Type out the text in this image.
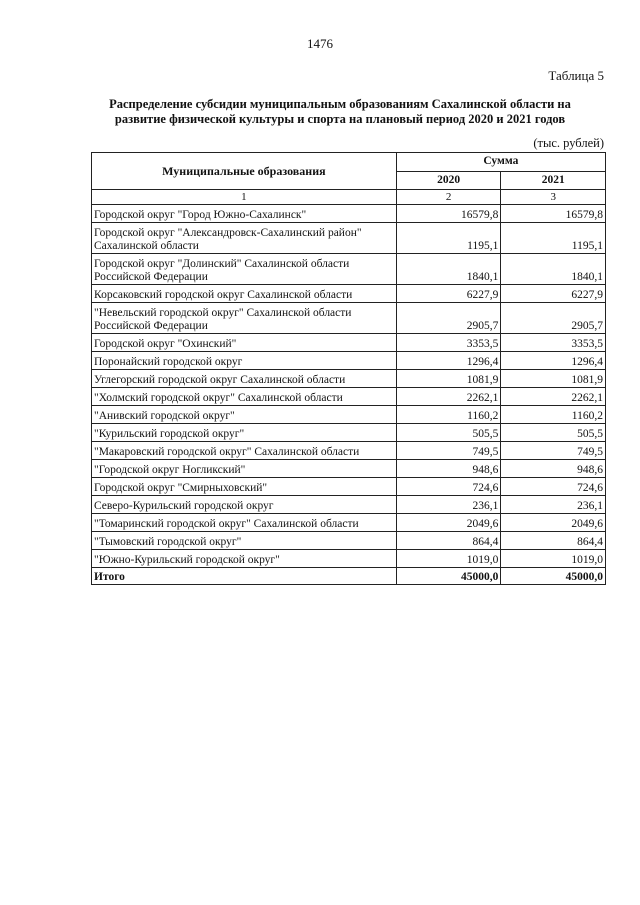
1476
Таблица 5
Распределение субсидии муниципальным образованиям Сахалинской области на
развитие физической культуры и спорта на плановый период 2020 и 2021 годов
(тыс. рублей)
Муниципальные образования	Сумма	
	2020	2021
1	2	3
Городской округ "Город Южно-Сахалинск"	16579,8	16579,8
Городской округ "Александровск-Сахалинский район" Сахалинской области	1195,1	1195,1
Городской округ "Долинский" Сахалинской области Российской Федерации	1840,1	1840,1
Корсаковский городской округ Сахалинской области	6227,9	6227,9
"Невельский городской округ" Сахалинской области Российской Федерации	2905,7	2905,7
Городской округ "Охинский"	3353,5	3353,5
Поронайский городской округ	1296,4	1296,4
Углегорский городской округ Сахалинской области	1081,9	1081,9
"Холмский городской округ" Сахалинской области	2262,1	2262,1
"Анивский городской округ"	1160,2	1160,2
"Курильский городской округ"	505,5	505,5
"Макаровский городской округ" Сахалинской области	749,5	749,5
"Городской округ Ногликский"	948,6	948,6
Городской округ "Смирныховский"	724,6	724,6
Северо-Курильский городской округ	236,1	236,1
"Томаринский городской округ" Сахалинской области	2049,6	2049,6
"Тымовский городской округ"	864,4	864,4
"Южно-Курильский городской округ"	1019,0	1019,0
Итого	45000,0	45000,0
